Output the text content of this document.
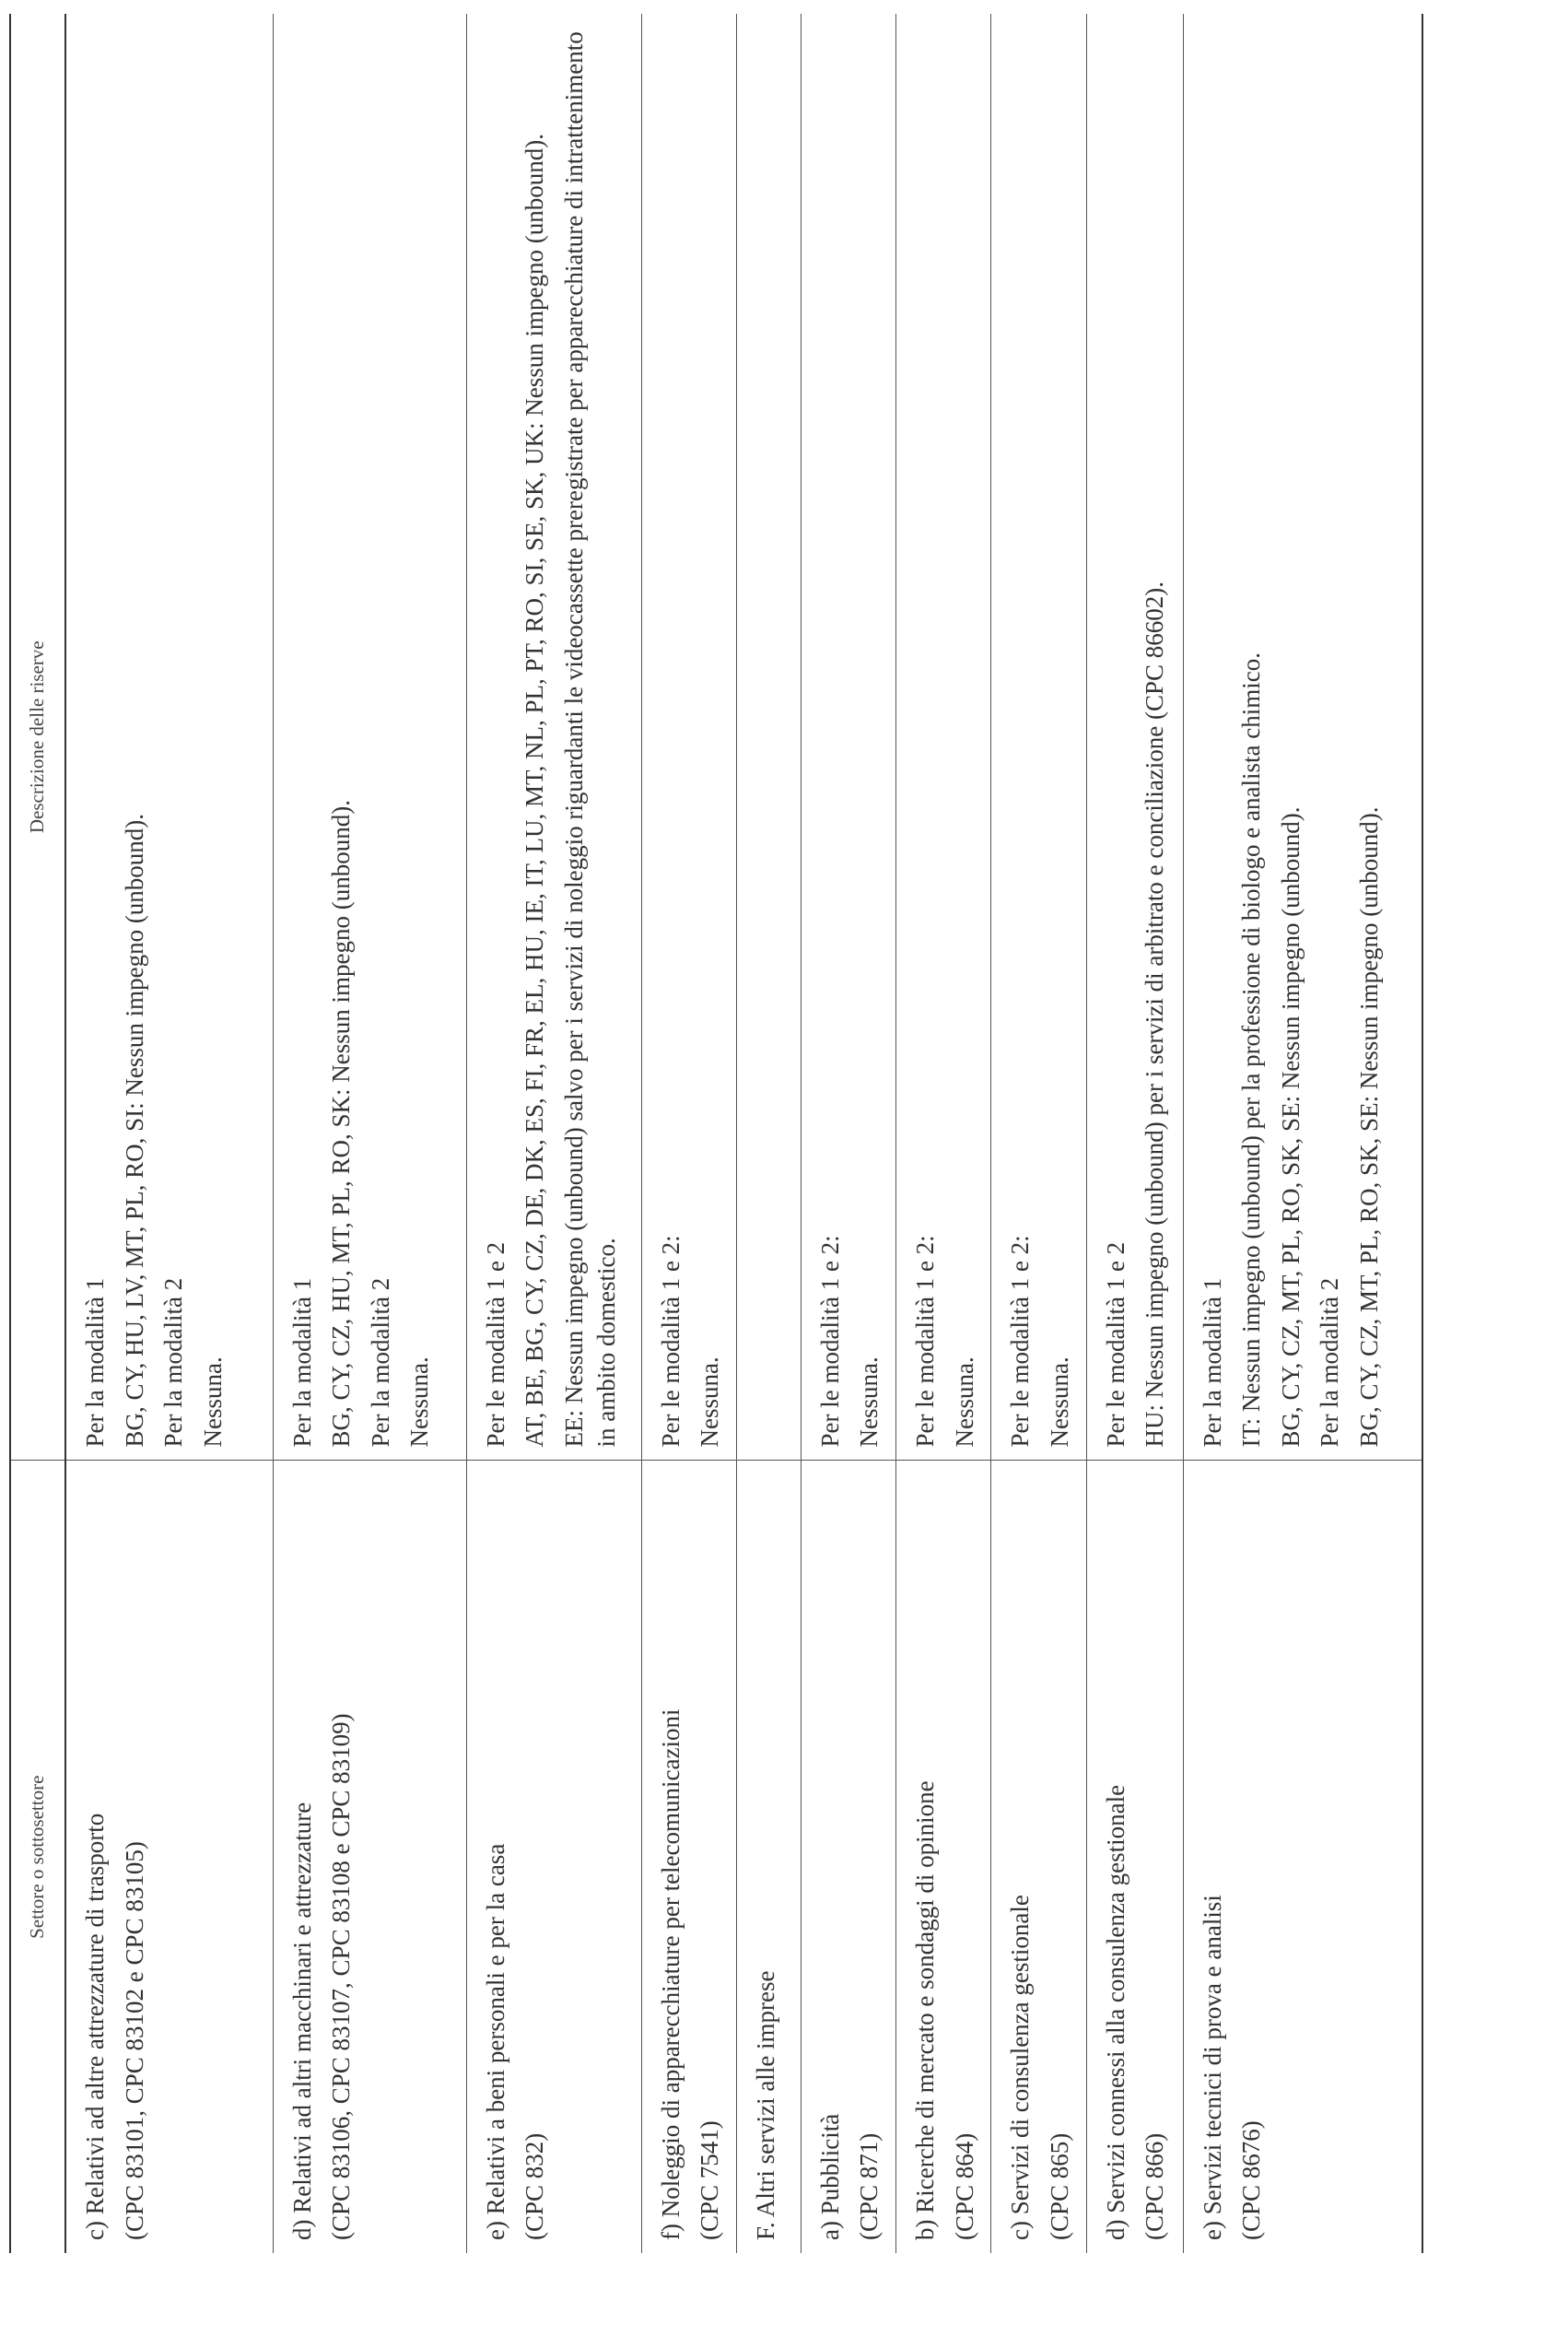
Settore o sottosettore	Descrizione delle riserve

c) Relativi ad altre attrezzature di trasporto (CPC 83101, CPC 83102 e CPC 83105)	Per la modalità 1 BG, CY, HU, LV, MT, PL, RO, SI: Nessun impegno (unbound). Per la modalità 2 Nessuna.

d) Relativi ad altri macchinari e attrezzature (CPC 83106, CPC 83107, CPC 83108 e CPC 83109)	Per la modalità 1 BG, CY, CZ, HU, MT, PL, RO, SK: Nessun impegno (unbound). Per la modalità 2 Nessuna.

e) Relativi a beni personali e per la casa (CPC 832)	Per le modalità 1 e 2 AT, BE, BG, CY, CZ, DE, DK, ES, FI, FR, EL, HU, IE, IT, LU, MT, NL, PL, PT, RO, SI, SE, SK, UK: Nessun impegno (unbound). EE: Nessun impegno (unbound) salvo per i servizi di noleggio riguardanti le videocassette preregistrate per apparecchiature di intrattenimento in ambito domestico.

f) Noleggio di apparecchiature per telecomunicazioni (CPC 7541)	Per le modalità 1 e 2: Nessuna.

F. Altri servizi alle imprese	

a) Pubblicità (CPC 871)	Per le modalità 1 e 2: Nessuna.

b) Ricerche di mercato e sondaggi di opinione (CPC 864)	Per le modalità 1 e 2: Nessuna.

c) Servizi di consulenza gestionale (CPC 865)	Per le modalità 1 e 2: Nessuna.

d) Servizi connessi alla consulenza gestionale (CPC 866)	Per le modalità 1 e 2 HU: Nessun impegno (unbound) per i servizi di arbitrato e conciliazione (CPC 86602).

e) Servizi tecnici di prova e analisi (CPC 8676)	Per la modalità 1 IT: Nessun impegno (unbound) per la professione di biologo e analista chimico. BG, CY, CZ, MT, PL, RO, SK, SE: Nessun impegno (unbound). Per la modalità 2 BG, CY, CZ, MT, PL, RO, SK, SE: Nessun impegno (unbound).
